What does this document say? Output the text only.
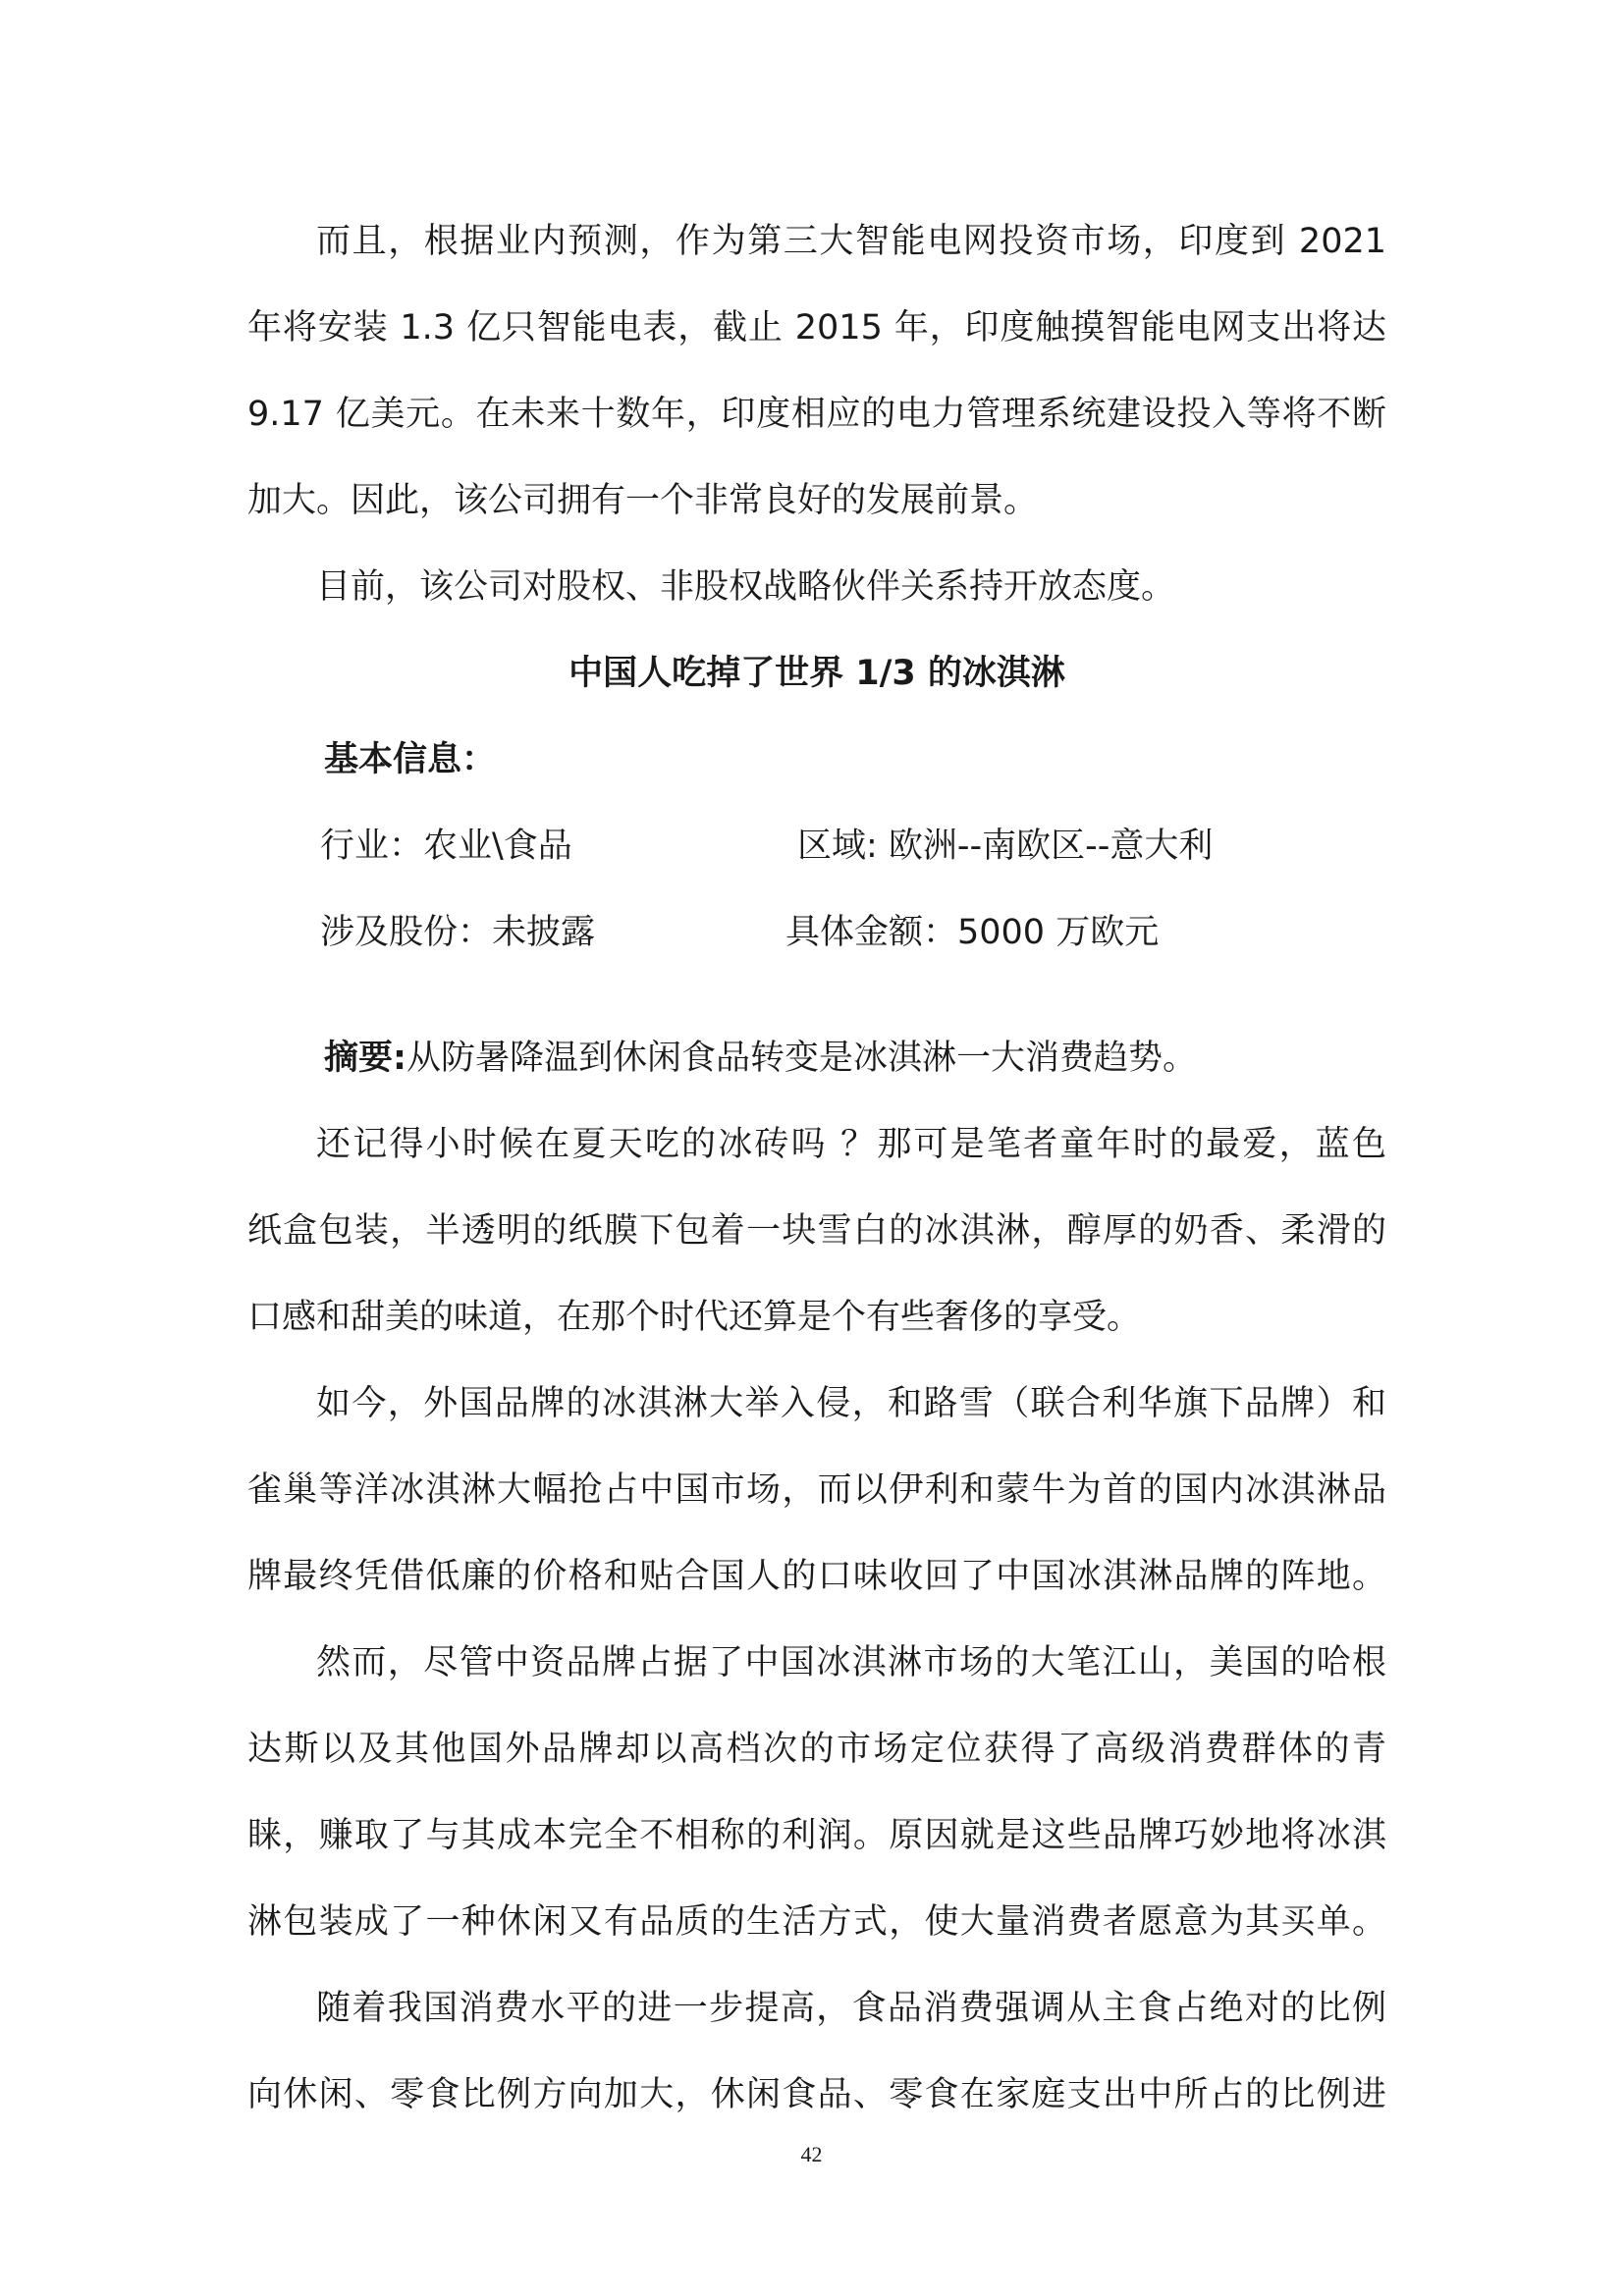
而且，根据业内预测，作为第三大智能电网投资市场，印度到 2021
年将安装 1.3 亿只智能电表，截止 2015 年，印度触摸智能电网支出将达
9.17 亿美元。在未来十数年，印度相应的电力管理系统建设投入等将不断
加大。因此，该公司拥有一个非常良好的发展前景。
目前，该公司对股权、非股权战略伙伴关系持开放态度。
中国人吃掉了世界 1/3 的冰淇淋
基本信息：
行业：农业\食品	区域: 欧洲--南欧区--意大利
涉及股份：未披露	具体金额：5000 万欧元
摘要:从防暑降温到休闲食品转变是冰淇淋一大消费趋势。
还记得小时候在夏天吃的冰砖吗 ？那可是笔者童年时的最爱，蓝色
纸盒包装，半透明的纸膜下包着一块雪白的冰淇淋，醇厚的奶香、柔滑的
口感和甜美的味道，在那个时代还算是个有些奢侈的享受。
如今，外国品牌的冰淇淋大举入侵，和路雪（联合利华旗下品牌）和
雀巢等洋冰淇淋大幅抢占中国市场，而以伊利和蒙牛为首的国内冰淇淋品
牌最终凭借低廉的价格和贴合国人的口味收回了中国冰淇淋品牌的阵地。
然而，尽管中资品牌占据了中国冰淇淋市场的大笔江山，美国的哈根
达斯以及其他国外品牌却以高档次的市场定位获得了高级消费群体的青
睐，赚取了与其成本完全不相称的利润。原因就是这些品牌巧妙地将冰淇
淋包装成了一种休闲又有品质的生活方式，使大量消费者愿意为其买单。
随着我国消费水平的进一步提高，食品消费强调从主食占绝对的比例
向休闲、零食比例方向加大，休闲食品、零食在家庭支出中所占的比例进
42
